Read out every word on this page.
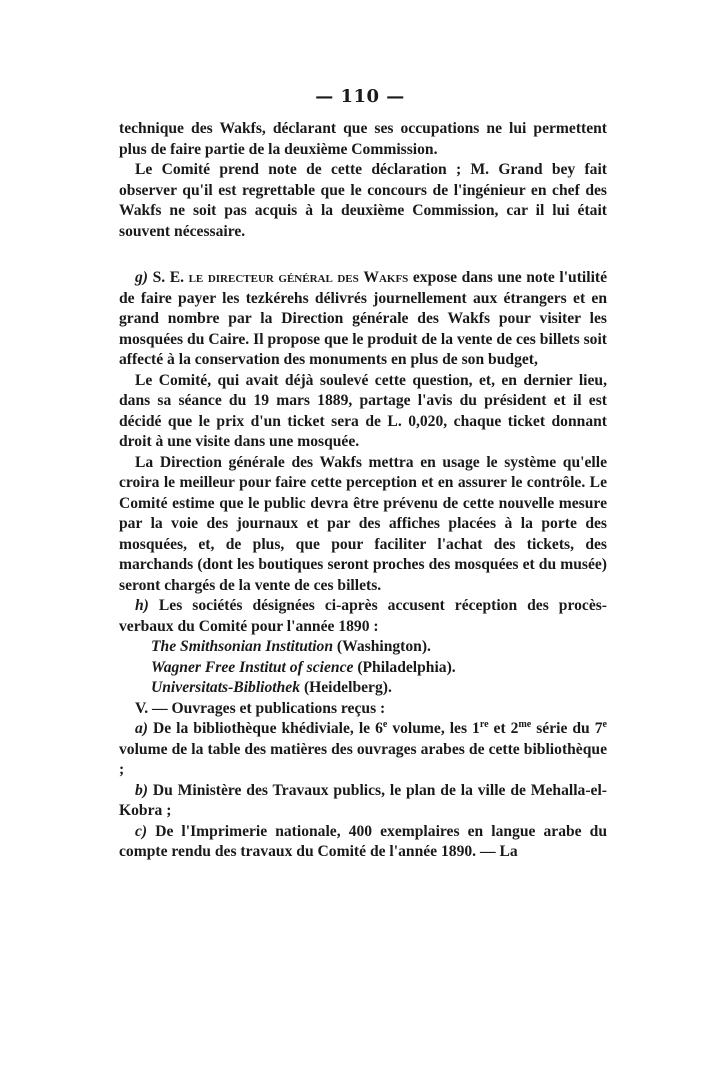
— 110 —

technique des Wakfs, déclarant que ses occupations ne lui permettent plus de faire partie de la deuxième Commission.

Le Comité prend note de cette déclaration ; M. Grand bey fait observer qu'il est regrettable que le concours de l'ingénieur en chef des Wakfs ne soit pas acquis à la deuxième Commission, car il lui était souvent nécessaire.

g) S. E. le directeur général des Wakfs expose dans une note l'utilité de faire payer les tezkérehs délivrés journellement aux étrangers et en grand nombre par la Direction générale des Wakfs pour visiter les mosquées du Caire. Il propose que le produit de la vente de ces billets soit affecté à la conservation des monuments en plus de son budget,

Le Comité, qui avait déjà soulevé cette question, et, en dernier lieu, dans sa séance du 19 mars 1889, partage l'avis du président et il est décidé que le prix d'un ticket sera de L. 0,020, chaque ticket donnant droit à une visite dans une mosquée.

La Direction générale des Wakfs mettra en usage le système qu'elle croira le meilleur pour faire cette perception et en assurer le contrôle. Le Comité estime que le public devra être prévenu de cette nouvelle mesure par la voie des journaux et par des affiches placées à la porte des mosquées, et, de plus, que pour faciliter l'achat des tickets, des marchands (dont les boutiques seront proches des mosquées et du musée) seront chargés de la vente de ces billets.

h) Les sociétés désignées ci-après accusent réception des procès-verbaux du Comité pour l'année 1890 :

The Smithsonian Institution (Washington).

Wagner Free Institut of science (Philadelphia).

Universitats-Bibliothek (Heidelberg).

V. — Ouvrages et publications reçus :

a) De la bibliothèque khédiviale, le 6e volume, les 1re et $2^{me}$ série du 7e volume de la table des matières des ouvrages arabes de cette bibliothèque ;

b) Du Ministère des Travaux publics, le plan de la ville de Mehalla-el-Kobra ;

c) De l'Imprimerie nationale, 400 exemplaires en langue arabe du compte rendu des travaux du Comité de l'année 1890. — La
